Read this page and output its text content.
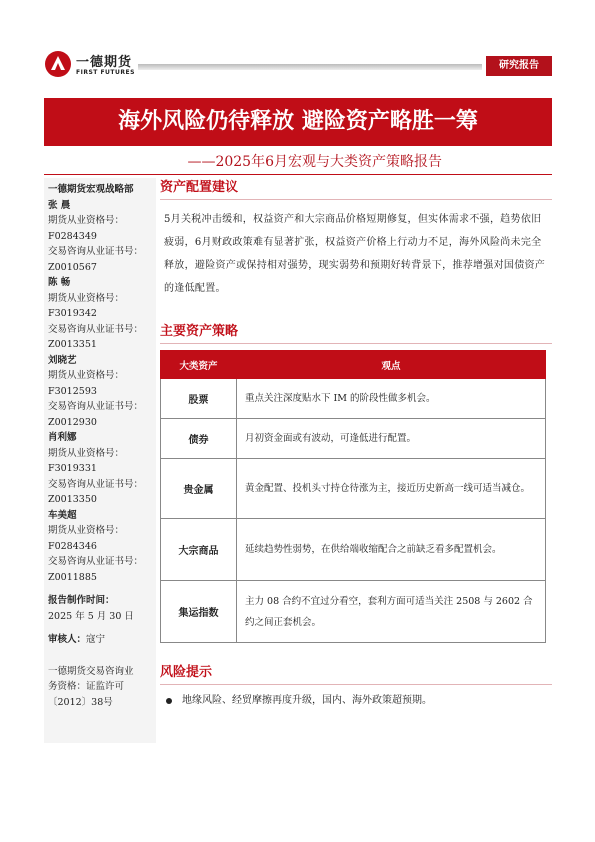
一德期货
FIRST FUTURES
研究报告
海外风险仍待释放 避险资产略胜一筹
——2025年6月宏观与大类资产策略报告
一德期货宏观战略部
张 晨
期货从业资格号：
F0284349
交易咨询从业证书号：
Z0010567
陈 畅
期货从业资格号：
F3019342
交易咨询从业证书号：
Z0013351
刘晓艺
期货从业资格号：
F3012593
交易咨询从业证书号：
Z0012930
肖利娜
期货从业资格号：
F3019331
交易咨询从业证书号：
Z0013350
车美超
期货从业资格号：
F0284346
交易咨询从业证书号：
Z0011885
报告制作时间：
2025 年 5 月 30 日
审核人：寇宁
一德期货交易咨询业
务资格：证监许可
〔2012〕38号
资产配置建议

5月关税冲击缓和，权益资产和大宗商品价格短期修复，但实体需求不强，趋势依旧疲弱，6月财政政策难有显著扩张，权益资产价格上行动力不足，海外风险尚未完全释放，避险资产或保持相对强势，现实弱势和预期好转背景下，推荐增强对国债资产的逢低配置。

主要资产策略
大类资产	观点
股票	重点关注深度贴水下 IM 的阶段性做多机会。
债券	月初资金面或有波动，可逢低进行配置。
贵金属	黄金配置、投机头寸持仓待涨为主，接近历史新高一线可适当减仓。
大宗商品	延续趋势性弱势，在供给端收缩配合之前缺乏看多配置机会。
集运指数	主力 08 合约不宜过分看空，套利方面可适当关注 2508 与 2602 合约之间正套机会。
风险提示
地缘风险、经贸摩擦再度升级，国内、海外政策超预期。
